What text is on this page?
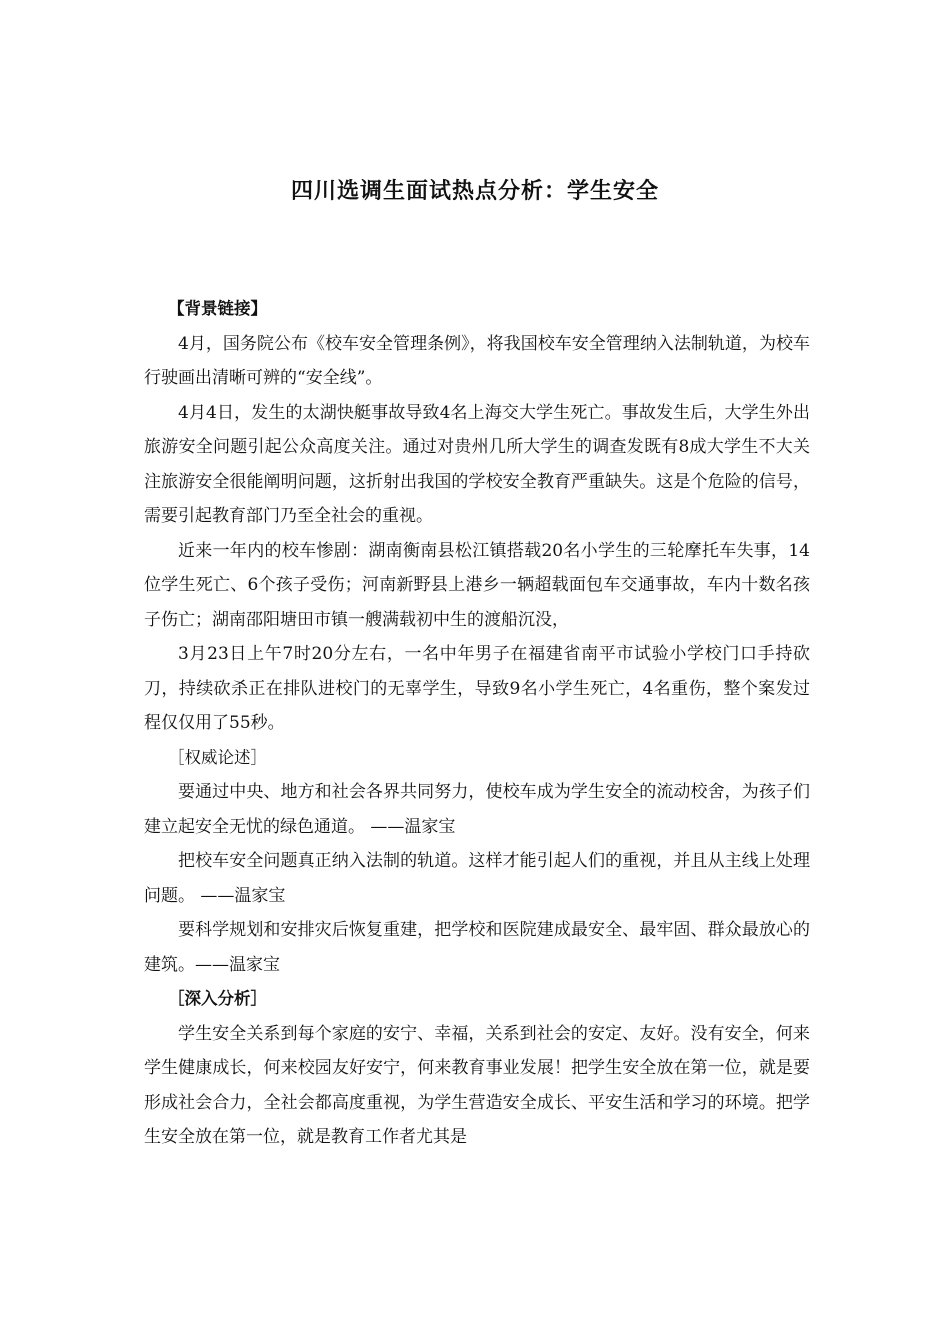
四川选调生面试热点分析：学生安全

【背景链接】

4月，国务院公布《校车安全管理条例》，将我国校车安全管理纳入法制轨道，为校车行驶画出清晰可辨的“安全线”。

4月4日，发生的太湖快艇事故导致4名上海交大学生死亡。事故发生后，大学生外出旅游安全问题引起公众高度关注。通过对贵州几所大学生的调查发既有8成大学生不大关注旅游安全很能阐明问题，这折射出我国的学校安全教育严重缺失。这是个危险的信号，需要引起教育部门乃至全社会的重视。

近来一年内的校车惨剧：湖南衡南县松江镇搭载20名小学生的三轮摩托车失事，14位学生死亡、6个孩子受伤；河南新野县上港乡一辆超载面包车交通事故，车内十数名孩子伤亡；湖南邵阳塘田市镇一艘满载初中生的渡船沉没，

3月23日上午7时20分左右，一名中年男子在福建省南平市试验小学校门口手持砍刀，持续砍杀正在排队进校门的无辜学生，导致9名小学生死亡，4名重伤，整个案发过程仅仅用了55秒。

［权威论述］

要通过中央、地方和社会各界共同努力，使校车成为学生安全的流动校舍，为孩子们建立起安全无忧的绿色通道。 ——温家宝

把校车安全问题真正纳入法制的轨道。这样才能引起人们的重视，并且从主线上处理问题。 ——温家宝

要科学规划和安排灾后恢复重建，把学校和医院建成最安全、最牢固、群众最放心的建筑。——温家宝

［深入分析］

学生安全关系到每个家庭的安宁、幸福，关系到社会的安定、友好。没有安全，何来学生健康成长，何来校园友好安宁，何来教育事业发展！把学生安全放在第一位，就是要形成社会合力，全社会都高度重视，为学生营造安全成长、平安生活和学习的环境。把学生安全放在第一位，就是教育工作者尤其是
